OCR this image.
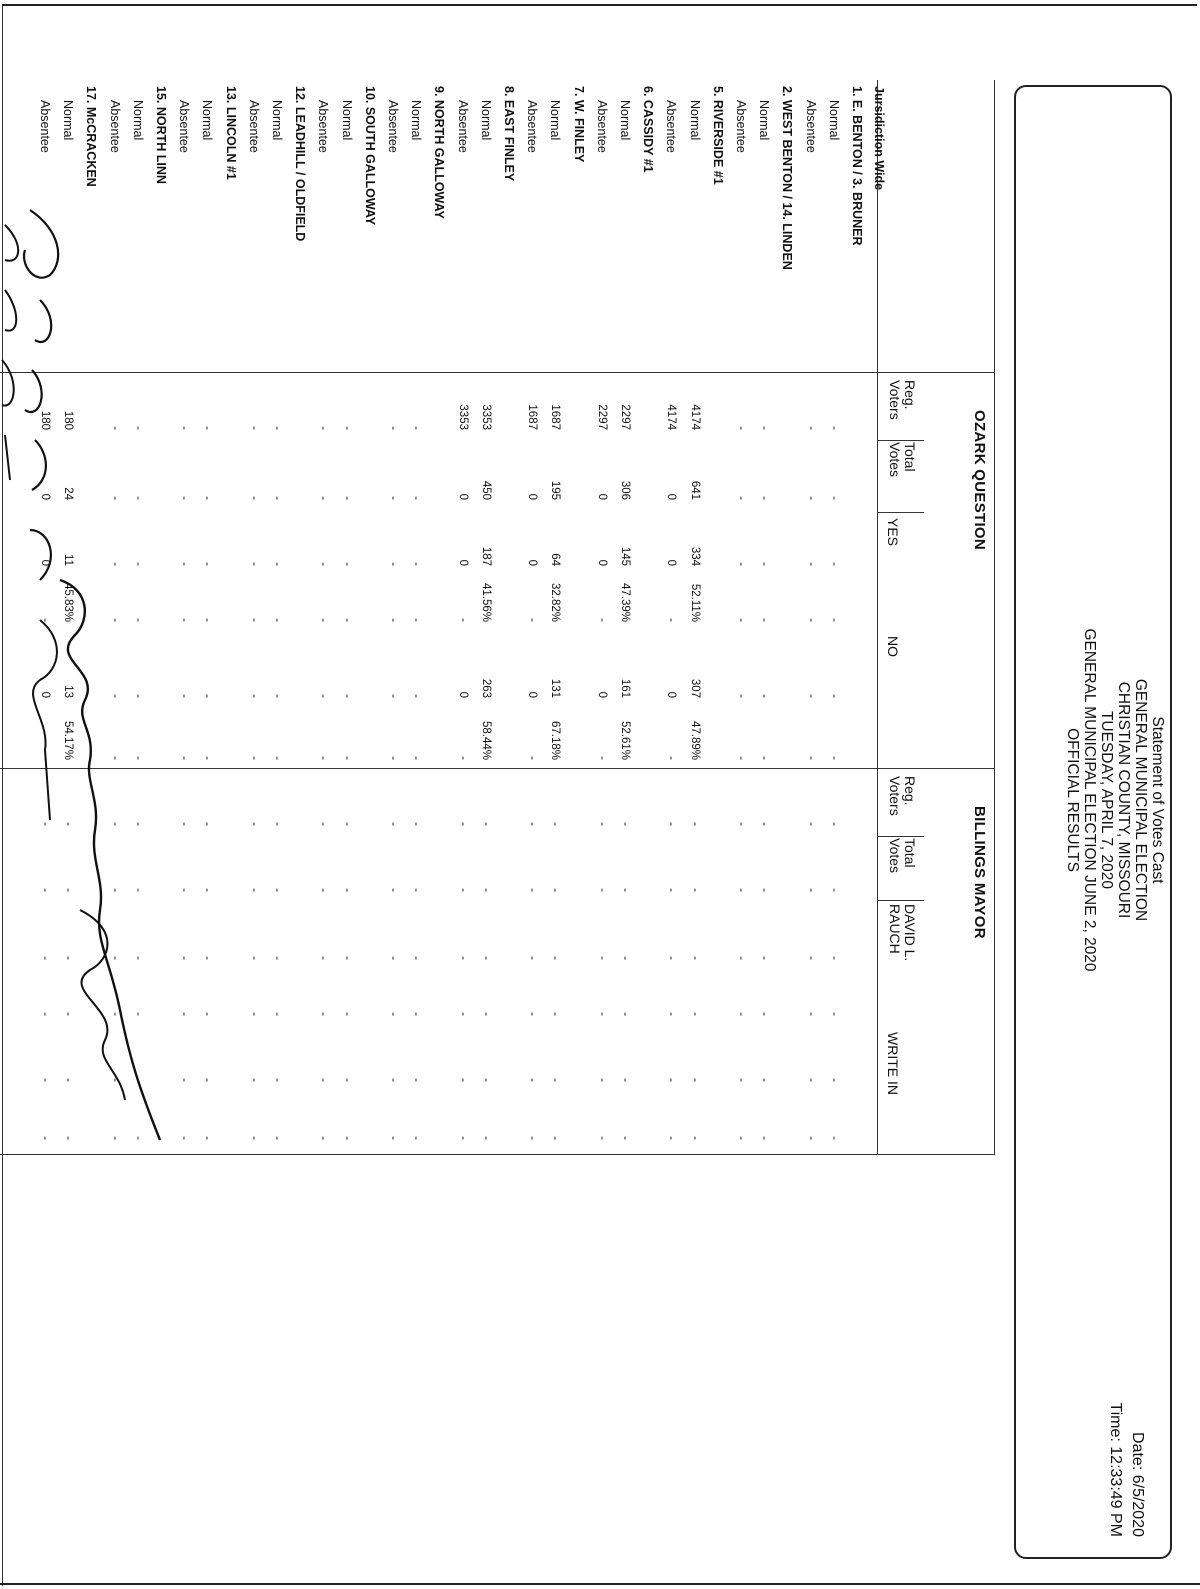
Statement of Votes Cast
GENERAL MUNICIPAL ELECTION
CHRISTIAN COUNTY, MISSOURI
TUESDAY, APRIL 7, 2020
GENERAL MUNICIPAL ELECTION JUNE 2, 2020
OFFICIAL RESULTS
Date: 6/5/2020
Time: 12:33:49 PM
OZARK QUESTION
BILLINGS MAYOR
Reg.
Voters
Total
Votes
YES
NO
Reg.
Voters
Total
Votes
DAVID L.
RAUCH
WRITE IN
Jursidiction Wide
1. E. BENTON / 3. BRUNER
Normal
-
-
-
-
-
-
-
-
-
-
-
-
Absentee
-
-
-
-
-
-
-
-
-
-
-
-
2. WEST BENTON / 14. LINDEN
Normal
-
-
-
-
-
-
-
-
-
-
-
-
Absentee
-
-
-
-
-
-
-
-
-
-
-
-
5. RIVERSIDE #1
Normal
4174
641
334
52.11%
307
47.89%
-
-
-
-
-
-
Absentee
4174
0
0
-
0
-
-
-
-
-
-
-
6. CASSIDY #1
Normal
2297
306
145
47.39%
161
52.61%
-
-
-
-
-
-
Absentee
2297
0
0
-
0
-
-
-
-
-
-
-
7. W. FINLEY
Normal
1687
195
64
32.82%
131
67.18%
-
-
-
-
-
-
Absentee
1687
0
0
-
0
-
-
-
-
-
-
-
8. EAST FINLEY
Normal
3353
450
187
41.56%
263
58.44%
-
-
-
-
-
-
Absentee
3353
0
0
-
0
-
-
-
-
-
-
-
9. NORTH GALLOWAY
Normal
-
-
-
-
-
-
-
-
-
-
-
-
Absentee
-
-
-
-
-
-
-
-
-
-
-
-
10. SOUTH GALLOWAY
Normal
-
-
-
-
-
-
-
-
-
-
-
-
Absentee
-
-
-
-
-
-
-
-
-
-
-
-
12. LEADHILL / OLDFIELD
Normal
-
-
-
-
-
-
-
-
-
-
-
-
Absentee
-
-
-
-
-
-
-
-
-
-
-
-
13. LINCOLN #1
Normal
-
-
-
-
-
-
-
-
-
-
-
-
Absentee
-
-
-
-
-
-
-
-
-
-
-
-
15. NORTH LINN
Normal
-
-
-
-
-
-
-
-
-
-
-
-
Absentee
-
-
-
-
-
-
-
-
-
-
-
-
17. McCRACKEN
Normal
180
24
11
45.83%
13
54.17%
-
-
-
-
-
-
Absentee
180
0
0
-
0
-
-
-
-
-
-
-
